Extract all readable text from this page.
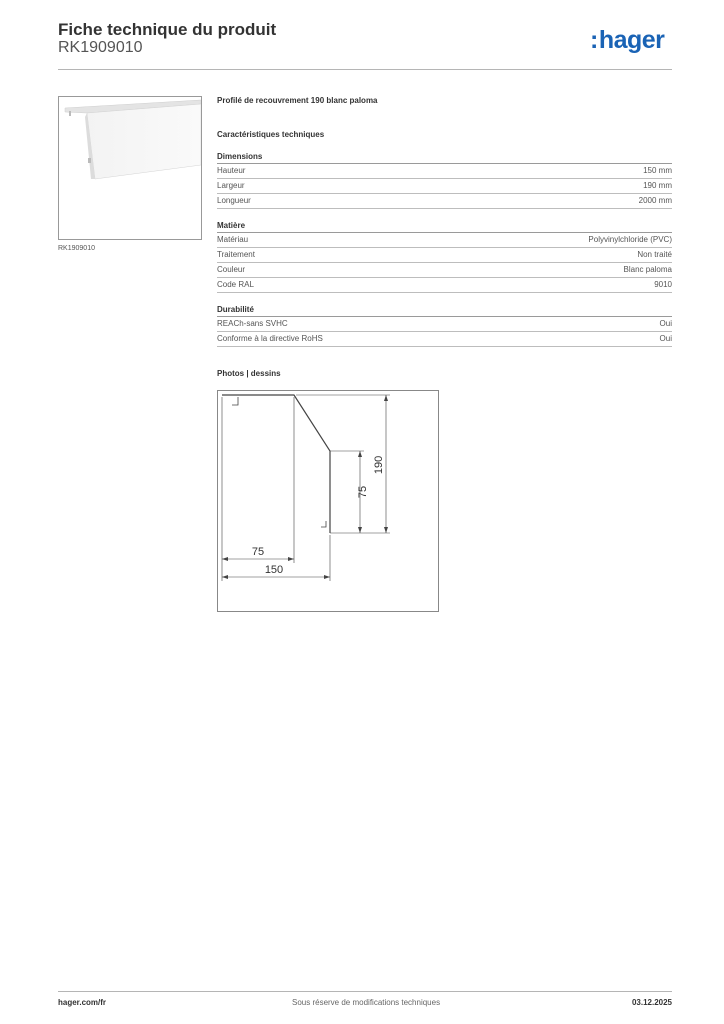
Fiche technique du produit
RK1909010	:hager
RK1909010
Profilé de recouvrement 190 blanc paloma
Caractéristiques techniques
Dimensions
Hauteur	150 mm
Largeur	190 mm
Longueur	2000 mm
Matière
Matériau	Polyvinylchloride (PVC)
Traitement	Non traité
Couleur	Blanc paloma
Code RAL	9010
Durabilité
REACh-sans SVHC	Oui
Conforme à la directive RoHS	Oui
Photos | dessins
190
75
75
150
hager.com/fr	Sous réserve de modifications techniques	03.12.2025
